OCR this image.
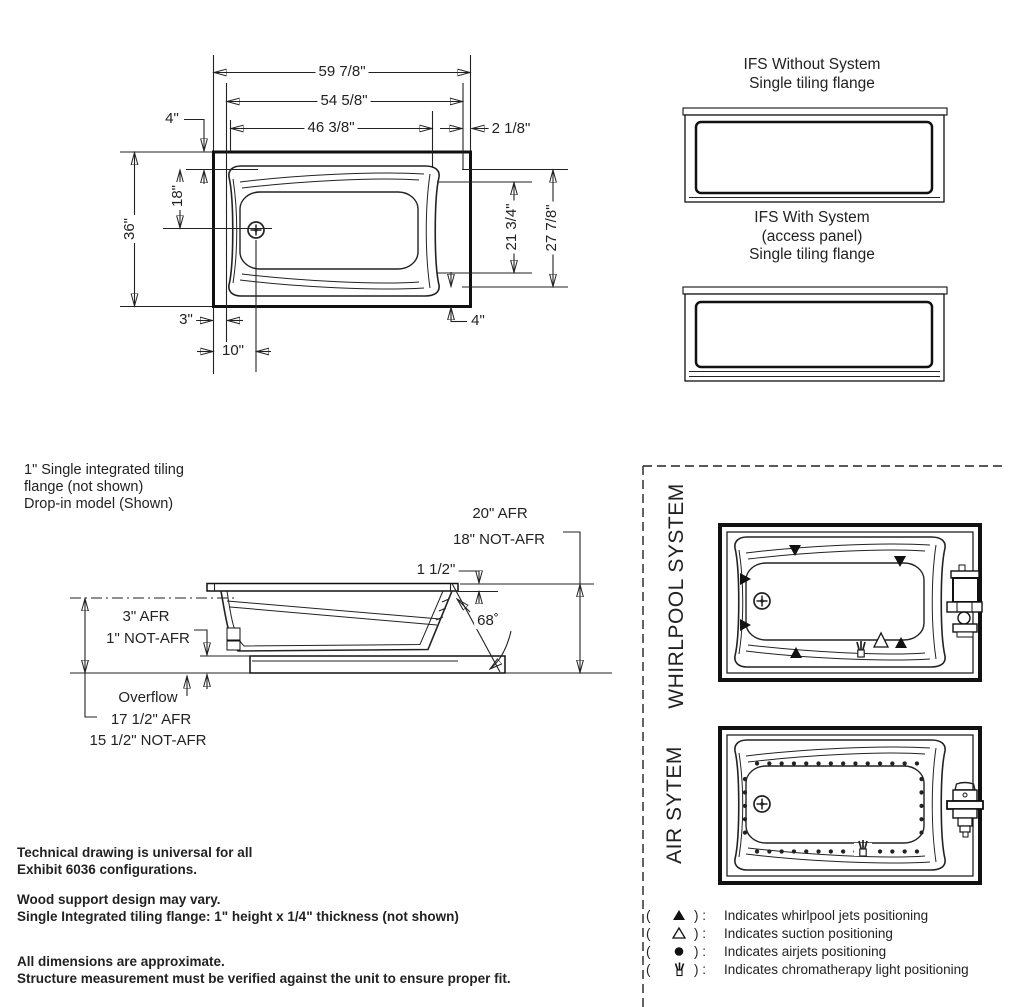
59 7/8"
54 5/8"
46 3/8"	2 1/8"
4"
18"
36"	21 3/4" 27 7/8"
3"
10"
4"
IFS Without System
Single tiling flange
IFS With System
(access panel)
Single tiling flange
1" Single integrated tiling
flange (not shown)
Drop-in model (Shown)
20" AFR
18" NOT-AFR
1 1/2"
3" AFR
1" NOT-AFR
68˚
Overflow
17 1/2" AFR
15 1/2" NOT-AFR
WHIRLPOOL SYSTEM
AIR SYTEM
Technical drawing is universal for all
Exhibit 6036 configurations.
Wood support design may vary.
Single Integrated tiling flange: 1" height x 1/4" thickness (not shown)
All dimensions are approximate.
Structure measurement must be verified against the unit to ensure proper fit.
(	) :	Indicates whirlpool jets positioning
(	) :	Indicates suction positioning
(	) :	Indicates airjets positioning
(	) :	Indicates chromatherapy light positioning
